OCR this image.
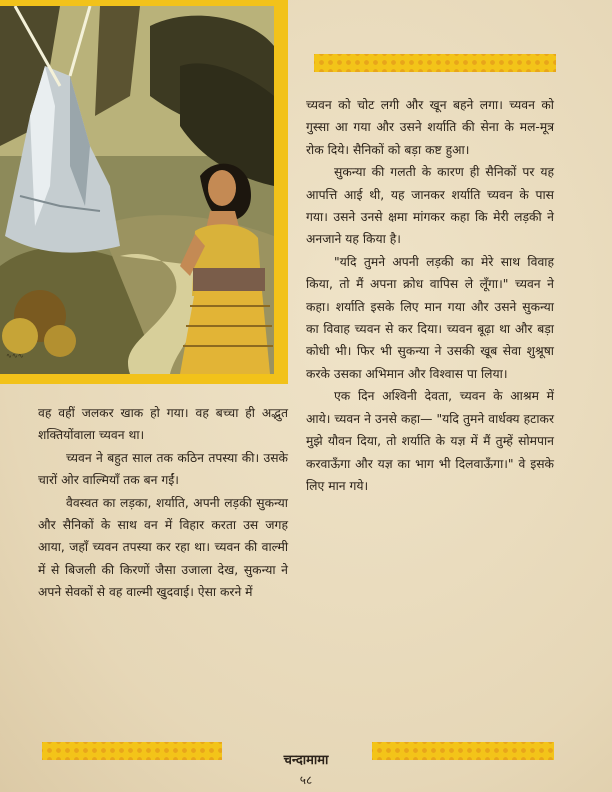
∿∿∿

च्यवन को चोट लगी और खून बहने लगा। च्यवन को गुस्सा आ गया और उसने शर्याति की सेना के मल-मूत्र रोक दिये। सैनिकों को बड़ा कष्ट हुआ।

सुकन्या की गलती के कारण ही सैनिकों पर यह आपत्ति आई थी, यह जानकर शर्याति च्यवन के पास गया। उसने उनसे क्षमा मांगकर कहा कि मेरी लड़की ने अनजाने यह किया है।

"यदि तुमने अपनी लड़की का मेरे साथ विवाह किया, तो मैं अपना क्रोध वापिस ले लूँगा।" च्यवन ने कहा। शर्याति इसके लिए मान गया और उसने सुकन्या का विवाह च्यवन से कर दिया। च्यवन बूढ़ा था और बड़ा कोधी भी। फिर भी सुकन्या ने उसकी खूब सेवा शुश्रूषा करके उसका अभिमान और विश्वास पा लिया।

एक दिन अश्विनी देवता, च्यवन के आश्रम में आये। च्यवन ने उनसे कहा— "यदि तुमने वार्धक्य हटाकर मुझे यौवन दिया, तो शर्याति के यज्ञ में मैं तुम्हें सोमपान करवाऊँगा और यज्ञ का भाग भी दिलवाऊँगा।" वे इसके लिए मान गये।

वह वहीं जलकर खाक हो गया। वह बच्चा ही अद्भुत शक्तियोंवाला च्यवन था।

च्यवन ने बहुत साल तक कठिन तपस्या की। उसके चारों ओर वाल्मियाँ तक बन गईं।

वैवस्वत का लड़का, शर्याति, अपनी लड़की सुकन्या और सैनिकों के साथ वन में विहार करता उस जगह आया, जहाँ च्यवन तपस्या कर रहा था। च्यवन की वाल्मी में से बिजली की किरणों जैसा उजाला देख, सुकन्या ने अपने सेवकों से वह वाल्मी खुदवाई। ऐसा करने में

चन्दामामा
५८
